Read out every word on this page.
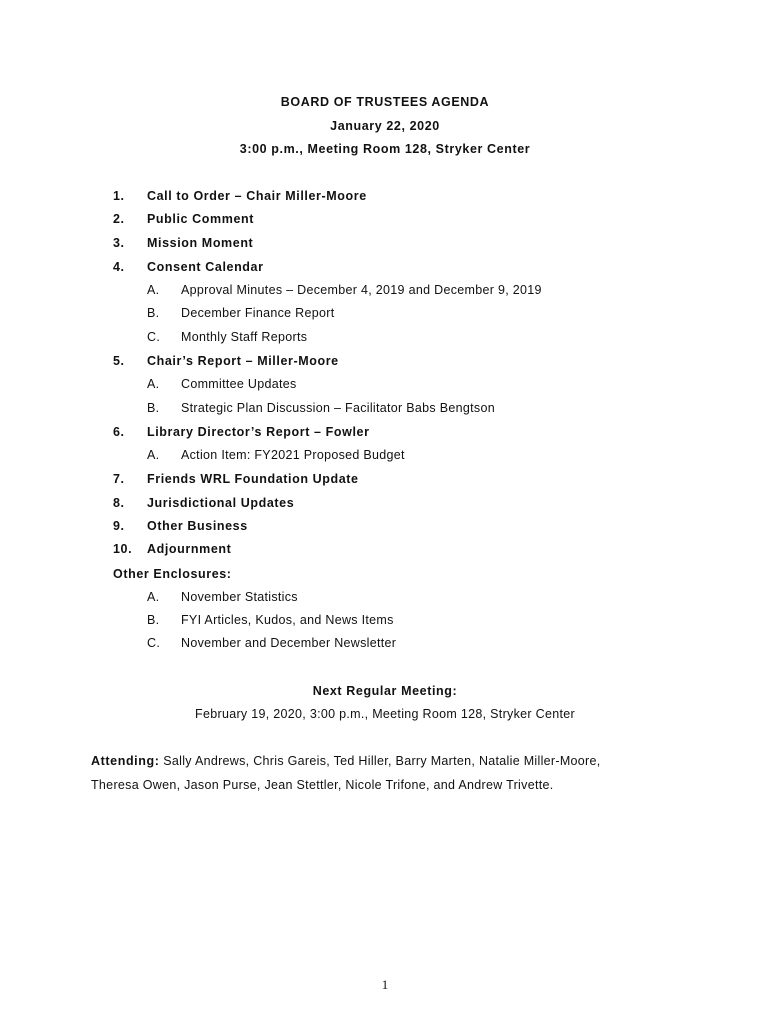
BOARD OF TRUSTEES AGENDA
January 22, 2020
3:00 p.m., Meeting Room 128, Stryker Center
1. Call to Order – Chair Miller-Moore
2. Public Comment
3. Mission Moment
4. Consent Calendar
A. Approval Minutes – December 4, 2019 and December 9, 2019
B. December Finance Report
C. Monthly Staff Reports
5. Chair’s Report – Miller-Moore
A. Committee Updates
B. Strategic Plan Discussion – Facilitator Babs Bengtson
6. Library Director’s Report – Fowler
A. Action Item: FY2021 Proposed Budget
7. Friends WRL Foundation Update
8. Jurisdictional Updates
9. Other Business
10. Adjournment
Other Enclosures:
A. November Statistics
B. FYI Articles, Kudos, and News Items
C. November and December Newsletter
Next Regular Meeting:
February 19, 2020, 3:00 p.m., Meeting Room 128, Stryker Center
Attending: Sally Andrews, Chris Gareis, Ted Hiller, Barry Marten, Natalie Miller-Moore,
Theresa Owen, Jason Purse, Jean Stettler, Nicole Trifone, and Andrew Trivette.
1
